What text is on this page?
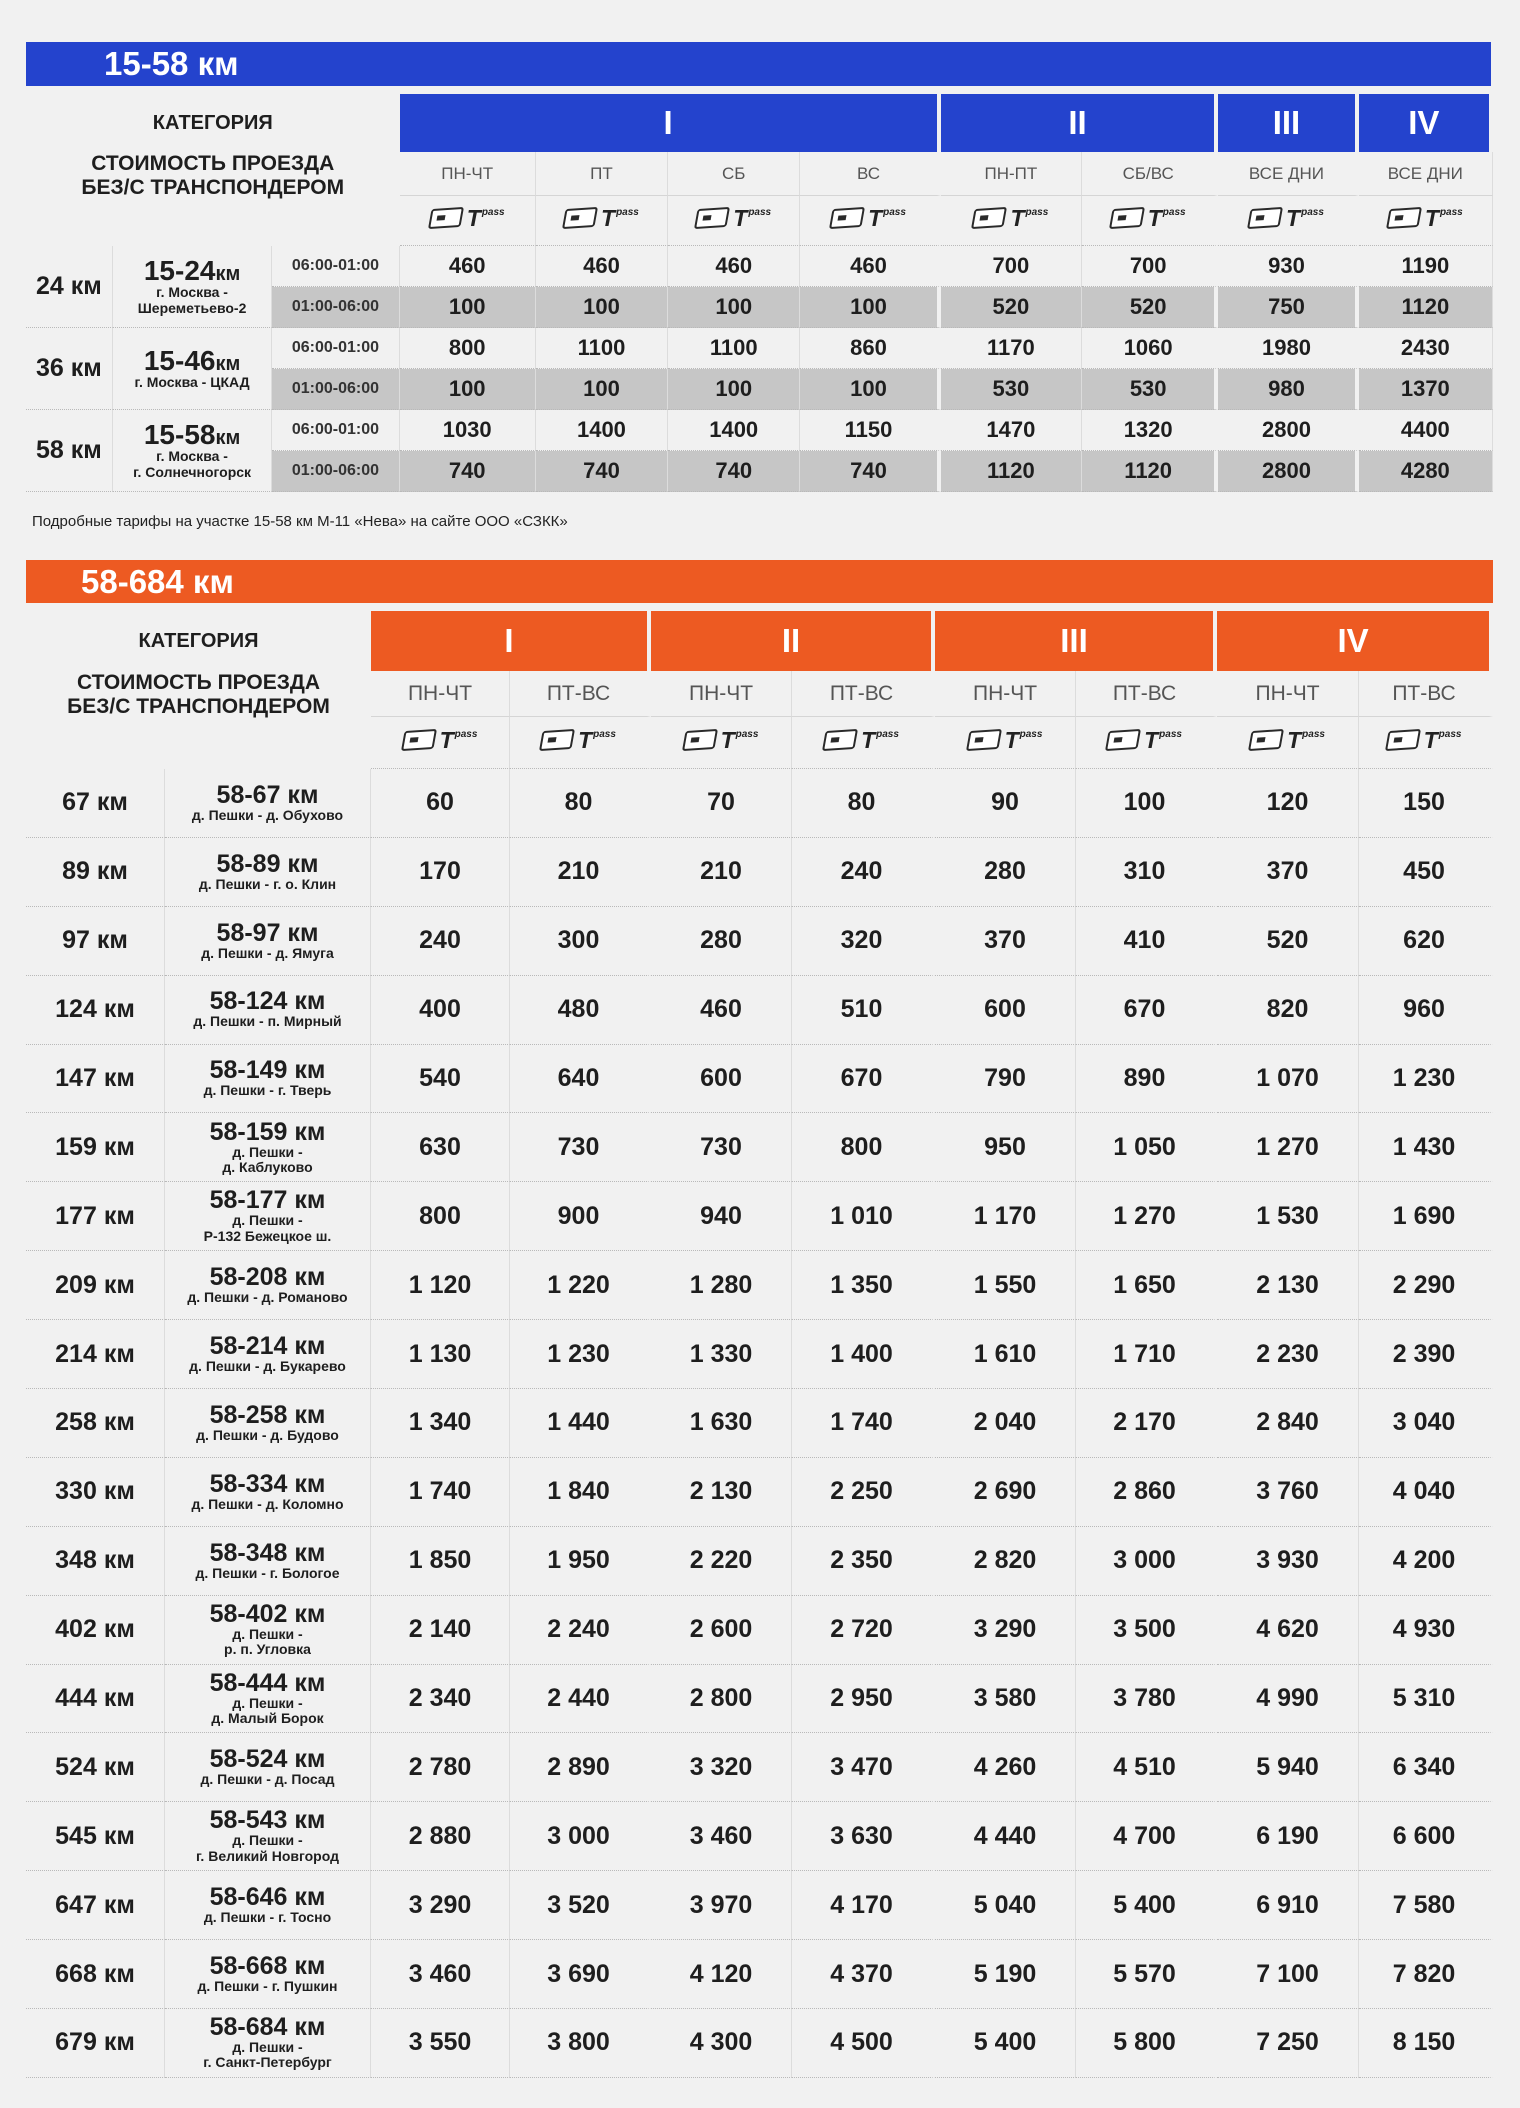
15-58 км
КАТЕГОРИЯ			I				II		III	IV

СТОИМОСТЬ ПРОЕЗДА
БЕЗ/С ТРАНСПОНДЕРОМ			ПН-ЧТ	ПТ	СБ	ВС	ПН-ПТ	СБ/ВС	ВСЕ ДНИ	ВСЕ ДНИ

			T pass	T pass	T pass	T pass	T pass	T pass	T pass	T pass

24 км	15-24км
г. Москва -
Шереметьево-2	06:00-01:00	460	460	460	460	700	700	930	1190
		01:00-06:00	100	100	100	100	520	520	750	1120
36 км	15-46км
г. Москва - ЦКАД	06:00-01:00	800	1100	1100	860	1170	1060	1980	2430
		01:00-06:00	100	100	100	100	530	530	980	1370
58 км	15-58км
г. Москва -
г. Солнечногорск	06:00-01:00	1030	1400	1400	1150	1470	1320	2800	4400
		01:00-06:00	740	740	740	740	1120	1120	2800	4280
Подробные тарифы на участке 15-58 км М-11 «Нева» на сайте ООО «СЗКК»
58-684 км
КАТЕГОРИЯ		I		II		III		IV	

СТОИМОСТЬ ПРОЕЗДА
БЕЗ/С ТРАНСПОНДЕРОМ		ПН-ЧТ	ПТ-ВС	ПН-ЧТ	ПТ-ВС	ПН-ЧТ	ПТ-ВС	ПН-ЧТ	ПТ-ВС

		T pass	T pass	T pass	T pass	T pass	T pass	T pass	T pass

67 км	58-67 км
д. Пешки - д. Обухово	60	80	70	80	90	100	120	150
89 км	58-89 км
д. Пешки - г. о. Клин	170	210	210	240	280	310	370	450
97 км	58-97 км
д. Пешки - д. Ямуга	240	300	280	320	370	410	520	620
124 км	58-124 км
д. Пешки - п. Мирный	400	480	460	510	600	670	820	960
147 км	58-149 км
д. Пешки - г. Тверь	540	640	600	670	790	890	1 070	1 230
159 км	58-159 км
д. Пешки -
д. Каблуково	630	730	730	800	950	1 050	1 270	1 430
177 км	58-177 км
д. Пешки -
Р-132 Бежецкое ш.	800	900	940	1 010	1 170	1 270	1 530	1 690
209 км	58-208 км
д. Пешки - д. Романово	1 120	1 220	1 280	1 350	1 550	1 650	2 130	2 290
214 км	58-214 км
д. Пешки - д. Букарево	1 130	1 230	1 330	1 400	1 610	1 710	2 230	2 390
258 км	58-258 км
д. Пешки - д. Будово	1 340	1 440	1 630	1 740	2 040	2 170	2 840	3 040
330 км	58-334 км
д. Пешки - д. Коломно	1 740	1 840	2 130	2 250	2 690	2 860	3 760	4 040
348 км	58-348 км
д. Пешки - г. Бологое	1 850	1 950	2 220	2 350	2 820	3 000	3 930	4 200
402 км	58-402 км
д. Пешки -
р. п. Угловка	2 140	2 240	2 600	2 720	3 290	3 500	4 620	4 930
444 км	58-444 км
д. Пешки -
д. Малый Борок	2 340	2 440	2 800	2 950	3 580	3 780	4 990	5 310
524 км	58-524 км
д. Пешки - д. Посад	2 780	2 890	3 320	3 470	4 260	4 510	5 940	6 340
545 км	58-543 км
д. Пешки -
г. Великий Новгород	2 880	3 000	3 460	3 630	4 440	4 700	6 190	6 600
647 км	58-646 км
д. Пешки - г. Тосно	3 290	3 520	3 970	4 170	5 040	5 400	6 910	7 580
668 км	58-668 км
д. Пешки - г. Пушкин	3 460	3 690	4 120	4 370	5 190	5 570	7 100	7 820
679 км	58-684 км
д. Пешки -
г. Санкт-Петербург	3 550	3 800	4 300	4 500	5 400	5 800	7 250	8 150
